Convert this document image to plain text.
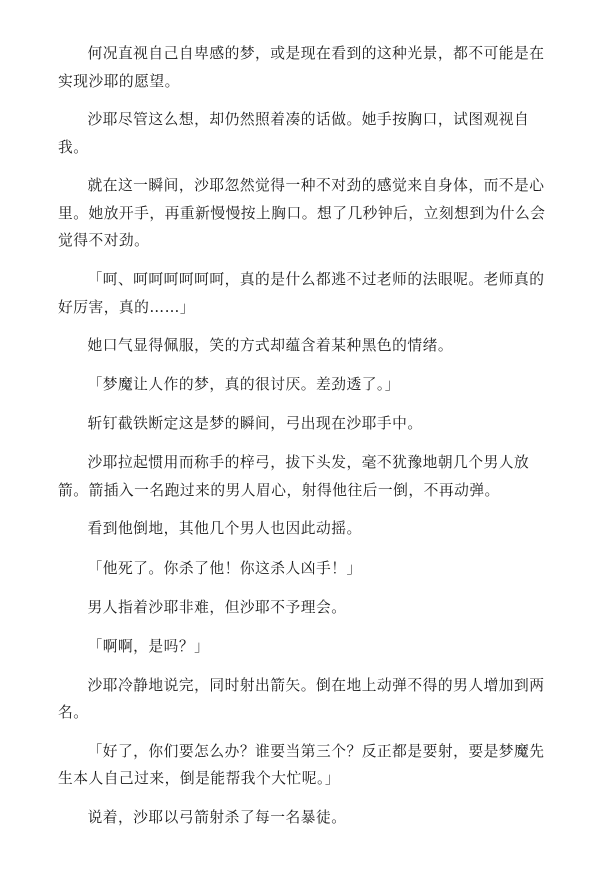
何况直视自己自卑感的梦，或是现在看到的这种光景，都不可能是在实现沙耶的愿望。

沙耶尽管这么想，却仍然照着凑的话做。她手按胸口，试图观视自我。

就在这一瞬间，沙耶忽然觉得一种不对劲的感觉来自身体，而不是心里。她放开手，再重新慢慢按上胸口。想了几秒钟后，立刻想到为什么会觉得不对劲。

「呵、呵呵呵呵呵呵，真的是什么都逃不过老师的法眼呢。老师真的好厉害，真的……」

她口气显得佩服，笑的方式却蕴含着某种黑色的情绪。

「梦魔让人作的梦，真的很讨厌。差劲透了。」

斩钉截铁断定这是梦的瞬间，弓出现在沙耶手中。

沙耶拉起惯用而称手的梓弓，拔下头发，毫不犹豫地朝几个男人放箭。箭插入一名跑过来的男人眉心，射得他往后一倒，不再动弹。

看到他倒地，其他几个男人也因此动摇。

「他死了。你杀了他！你这杀人凶手！」

男人指着沙耶非难，但沙耶不予理会。

「啊啊，是吗？」

沙耶冷静地说完，同时射出箭矢。倒在地上动弹不得的男人增加到两名。

「好了，你们要怎么办？谁要当第三个？反正都是要射，要是梦魔先生本人自己过来，倒是能帮我个大忙呢。」

说着，沙耶以弓箭射杀了每一名暴徒。
